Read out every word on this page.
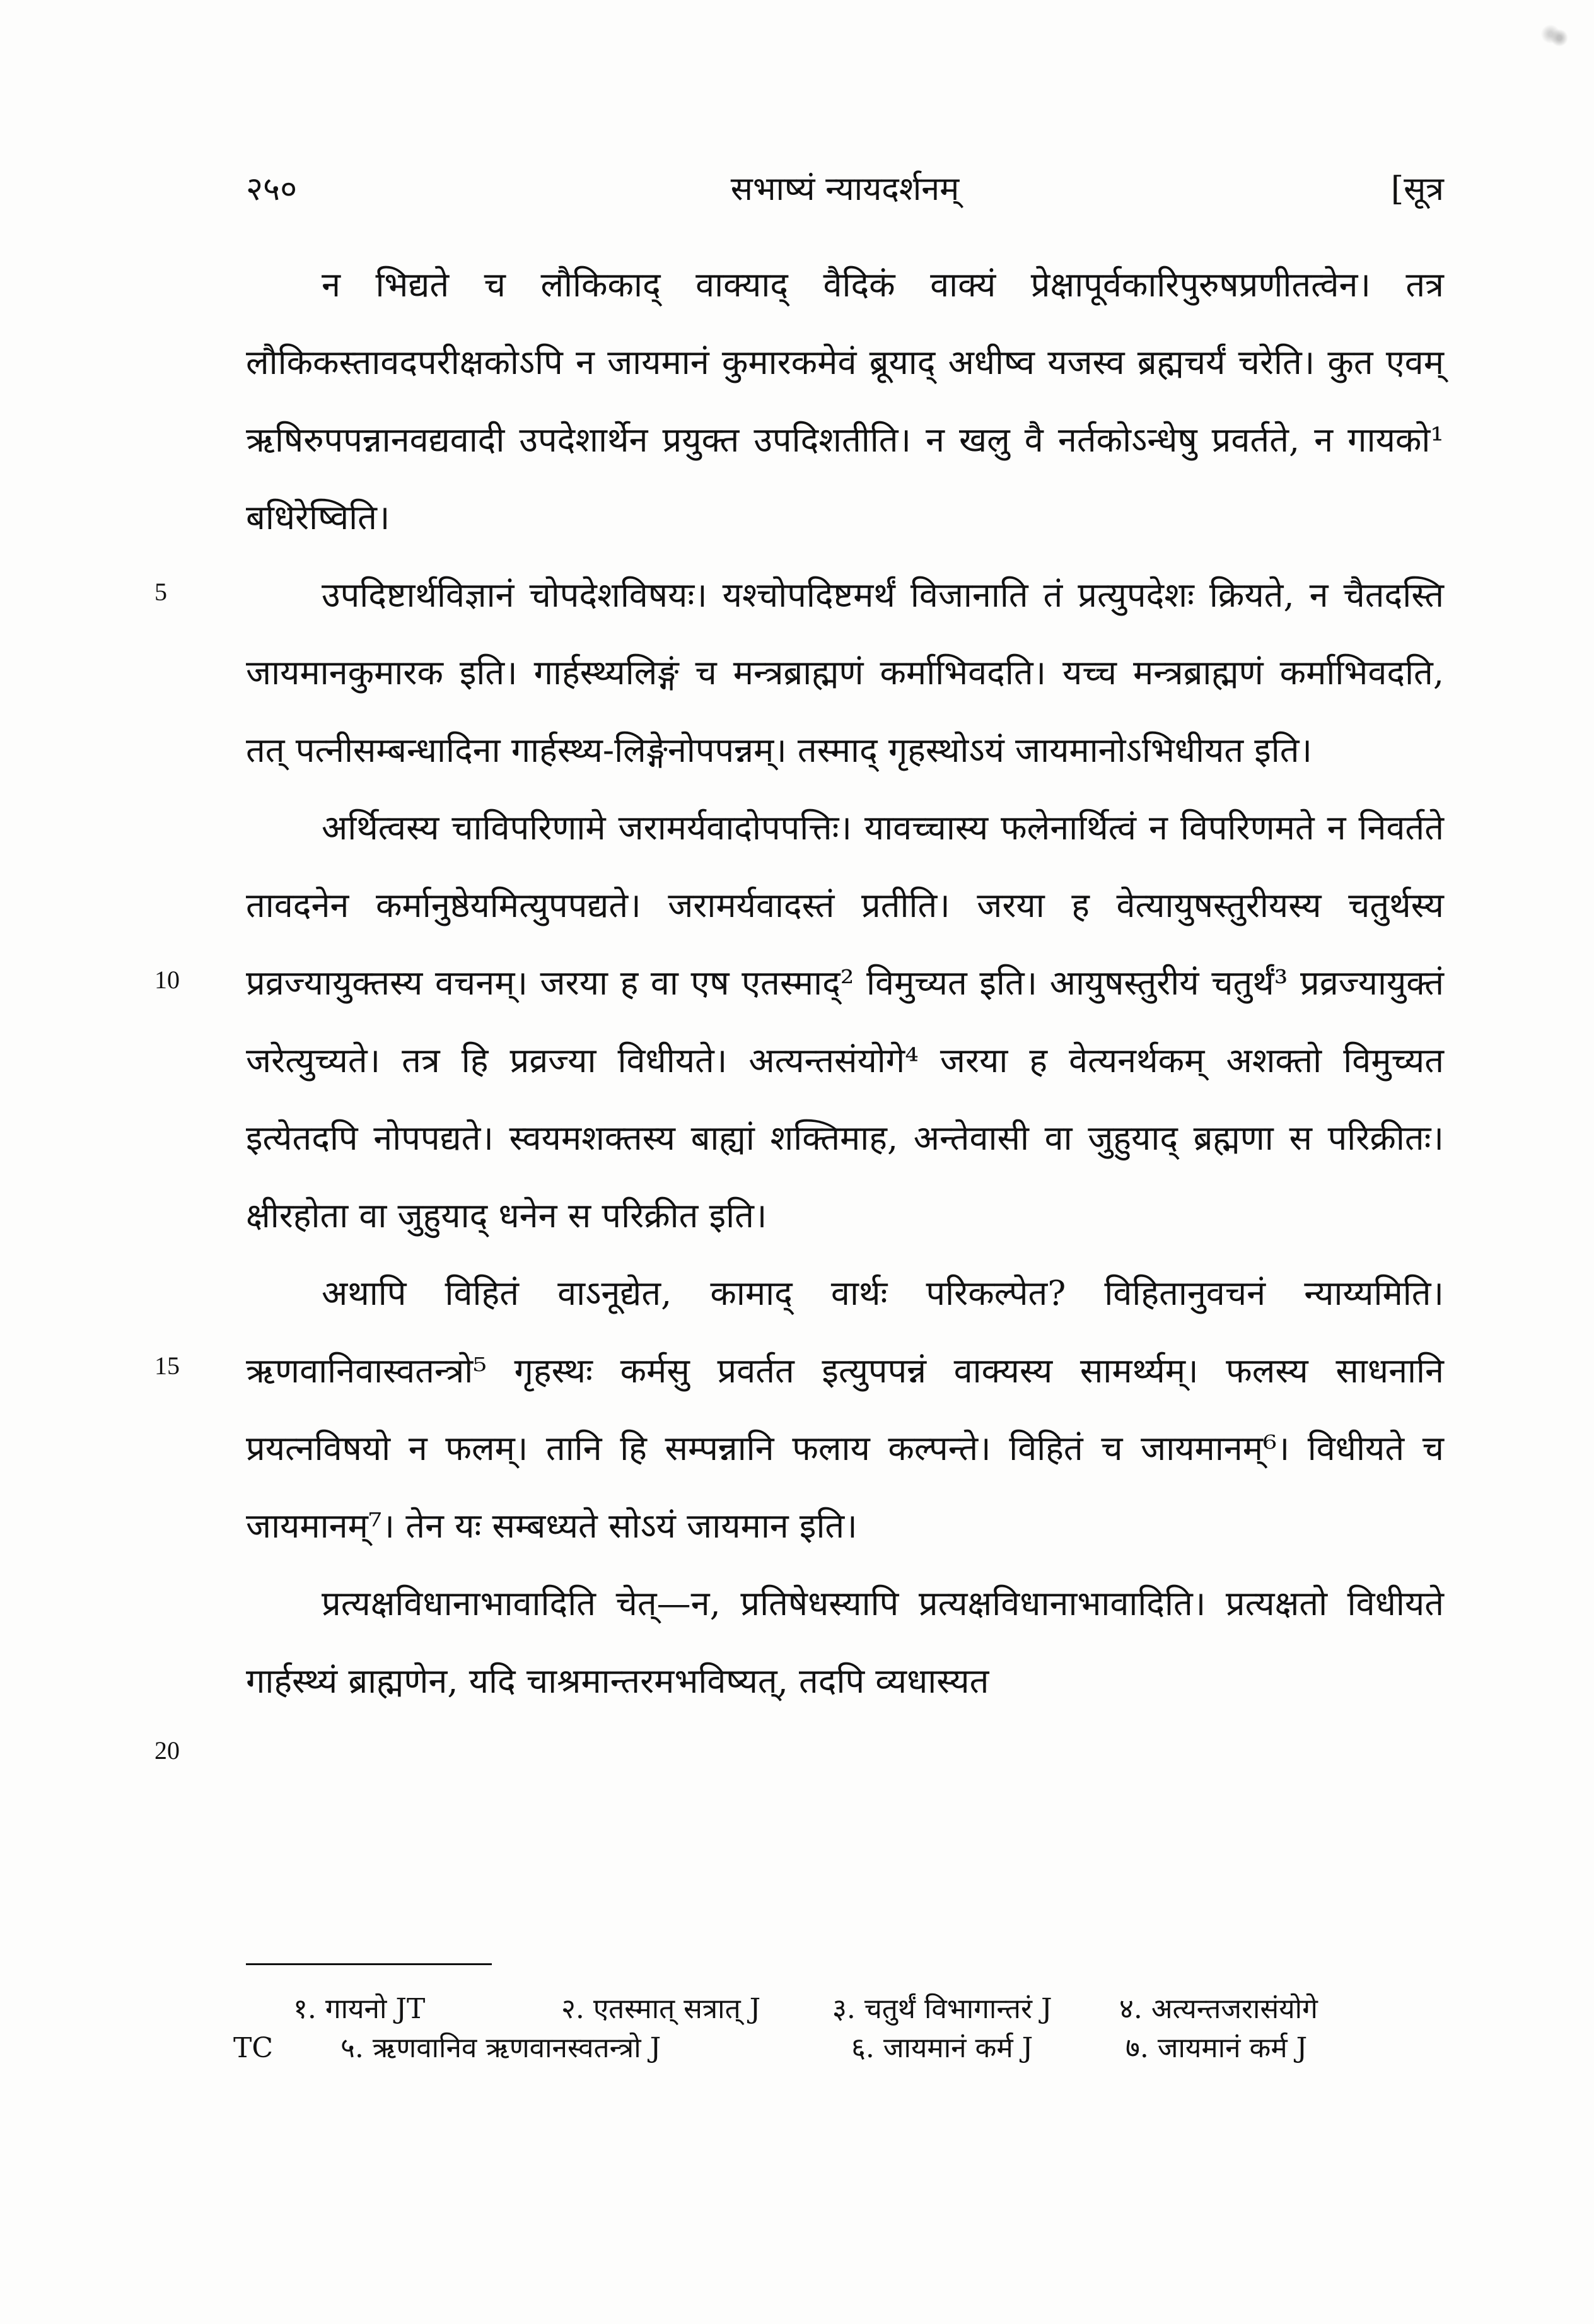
२५०	सभाष्यं न्यायदर्शनम्	[सूत्र
5
10
15
20

न भिद्यते च लौकिकाद् वाक्याद् वैदिकं वाक्यं प्रेक्षापूर्वकारिपुरुषप्रणीतत्वेन। तत्र लौकिकस्तावदपरीक्षकोऽपि न जायमानं कुमारकमेवं ब्रूयाद् अधीष्व यजस्व ब्रह्मचर्यं चरेति। कुत एवम् ऋषिरुपपन्नानवद्यवादी उपदेशार्थेन प्रयुक्त उपदिशतीति। न खलु वै नर्तकोऽन्धेषु प्रवर्तते, न गायको¹ बधिरेष्विति।

उपदिष्टार्थविज्ञानं चोपदेशविषयः। यश्चोपदिष्टमर्थं विजानाति तं प्रत्युपदेशः क्रियते, न चैतदस्ति जायमानकुमारक इति। गार्हस्थ्यलिङ्गं च मन्त्रब्राह्मणं कर्माभिवदति। यच्च मन्त्रब्राह्मणं कर्माभिवदति, तत् पत्नीसम्बन्धादिना गार्हस्थ्य-लिङ्गेनोपपन्नम्। तस्माद् गृहस्थोऽयं जायमानोऽभिधीयत इति।

अर्थित्वस्य चाविपरिणामे जरामर्यवादोपपत्तिः। यावच्चास्य फलेनार्थित्वं न विपरिणमते न निवर्तते तावदनेन कर्मानुष्ठेयमित्युपपद्यते। जरामर्यवादस्तं प्रतीति। जरया ह वेत्यायुषस्तुरीयस्य चतुर्थस्य प्रव्रज्यायुक्तस्य वचनम्। जरया ह वा एष एतस्माद्² विमुच्यत इति। आयुषस्तुरीयं चतुर्थं³ प्रव्रज्यायुक्तं जरेत्युच्यते। तत्र हि प्रव्रज्या विधीयते। अत्यन्तसंयोगे⁴ जरया ह वेत्यनर्थकम् अशक्तो विमुच्यत इत्येतदपि नोपपद्यते। स्वयमशक्तस्य बाह्यां शक्तिमाह, अन्तेवासी वा जुहुयाद् ब्रह्मणा स परिक्रीतः। क्षीरहोता वा जुहुयाद् धनेन स परिक्रीत इति।

अथापि विहितं वाऽनूद्येत, कामाद् वार्थः परिकल्पेत? विहितानुवचनं न्याय्यमिति। ऋणवानिवास्वतन्त्रो⁵ गृहस्थः कर्मसु प्रवर्तत इत्युपपन्नं वाक्यस्य सामर्थ्यम्। फलस्य साधनानि प्रयत्नविषयो न फलम्। तानि हि सम्पन्नानि फलाय कल्पन्ते। विहितं च जायमानम्⁶। विधीयते च जायमानम्⁷। तेन यः सम्बध्यते सोऽयं जायमान इति।

प्रत्यक्षविधानाभावादिति चेत्—न, प्रतिषेधस्यापि प्रत्यक्षविधानाभावादिति। प्रत्यक्षतो विधीयते गार्हस्थ्यं ब्राह्मणेन, यदि चाश्रमान्तरमभविष्यत्, तदपि व्यधास्यत

१. गायनो JT	२. एतस्मात् सत्रात् J	३. चतुर्थं विभागान्तरं J ४. अत्यन्तजरासंयोगे
TC ५. ऋणवानिव ऋणवानस्वतन्त्रो J	६. जायमानं कर्म J	७. जायमानं कर्म J
